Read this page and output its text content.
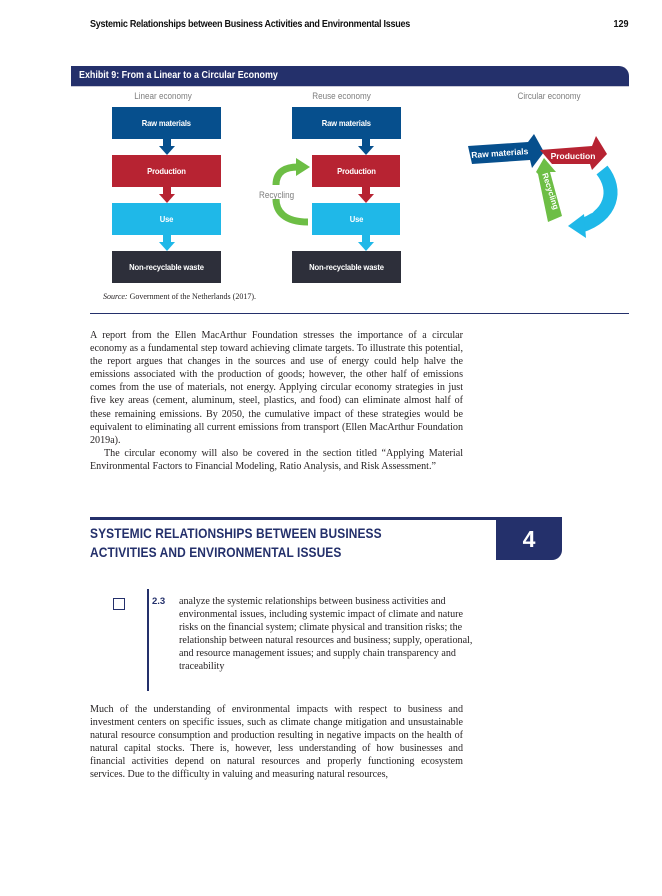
Systemic Relationships between Business Activities and Environmental Issues	129
Exhibit 9: From a Linear to a Circular Economy
Linear economy	Reuse economy	Circular economy
Raw materials
Production
Use
Non-recyclable waste
Raw materials
Production
Use
Non-recyclable waste
Recycling
Raw materials	Production
Use
Recycling
Source: Government of the Netherlands (2017).

A report from the Ellen MacArthur Foundation stresses the importance of a circular economy as a fundamental step toward achieving climate targets. To illustrate this potential, the report argues that changes in the sources and use of energy could help halve the emissions associated with the production of goods; however, the other half of emissions comes from the use of materials, not energy. Applying circular economy strategies in just five key areas (cement, aluminum, steel, plastics, and food) can eliminate almost half of these remaining emissions. By 2050, the cumulative impact of these strategies would be equivalent to eliminating all current emissions from transport (Ellen MacArthur Foundation 2019a).

The circular economy will also be covered in the section titled “Applying Material Environmental Factors to Financial Modeling, Ratio Analysis, and Risk Assessment.”

SYSTEMIC RELATIONSHIPS BETWEEN BUSINESS ACTIVITIES AND ENVIRONMENTAL ISSUES
4
2.3 analyze the systemic relationships between business activities and environmental issues, including systemic impact of climate and nature risks on the financial system; climate physical and transition risks; the relationship between natural resources and business; supply, operational, and resource management issues; and supply chain transparency and traceability

Much of the understanding of environmental impacts with respect to business and investment centers on specific issues, such as climate change mitigation and unsustainable natural resource consumption and production resulting in negative impacts on the health of natural capital stocks. There is, however, less understanding of how businesses and financial activities depend on natural resources and properly functioning ecosystem services. Due to the difficulty in valuing and measuring natural resources,
